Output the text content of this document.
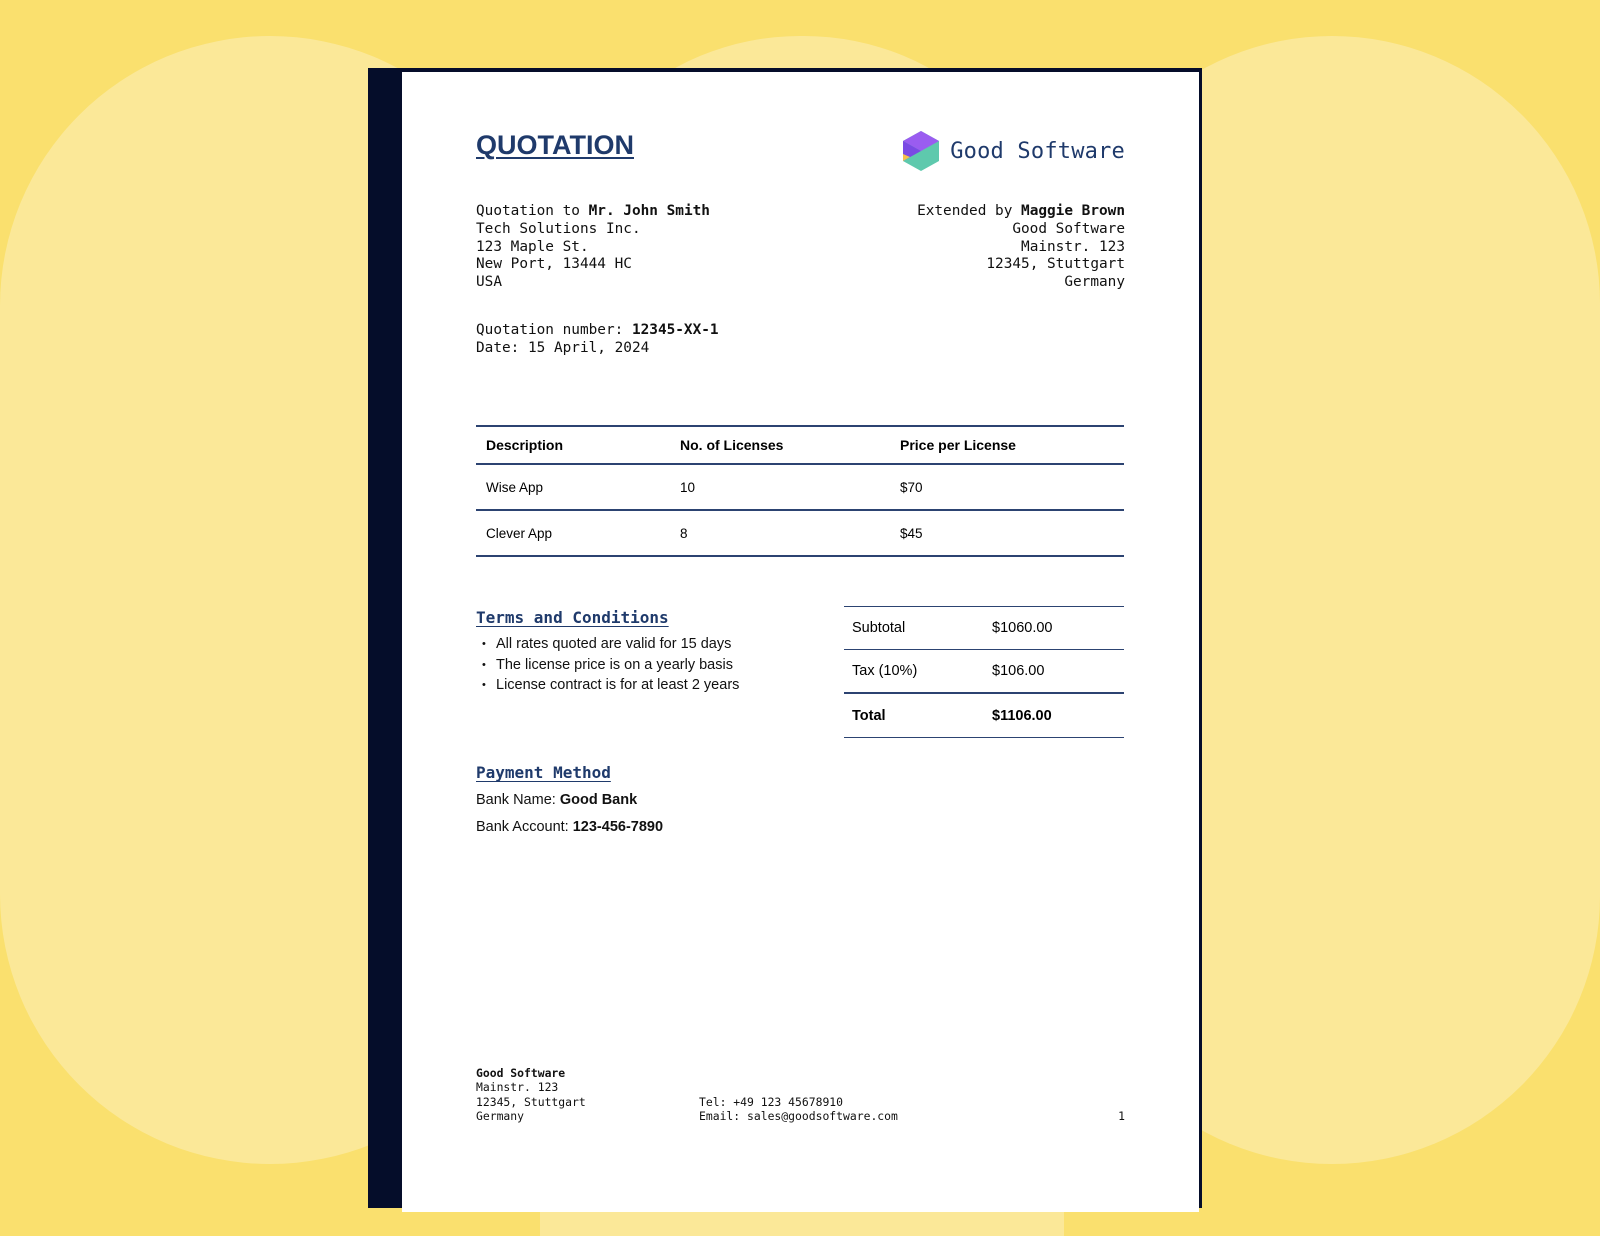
QUOTATION	Good Software
Quotation to Mr. John Smith
Tech Solutions Inc.
123 Maple St.
New Port, 13444 HC
USA
Extended by Maggie Brown
Good Software
Mainstr. 123
12345, Stuttgart
Germany
Quotation number: 12345-XX-1
Date: 15 April, 2024
Description	No. of Licenses	Price per License
Wise App	10	$70
Clever App	8	$45
Terms and Conditions
• All rates quoted are valid for 15 days
• The license price is on a yearly basis
• License contract is for at least 2 years
Subtotal	$1060.00
Tax (10%)	$106.00
Total	$1106.00
Payment Method
Bank Name: Good Bank
Bank Account: 123-456-7890
Good Software
Mainstr. 123
12345, Stuttgart
Germany
Tel: +49 123 45678910
Email: sales@goodsoftware.com	1
